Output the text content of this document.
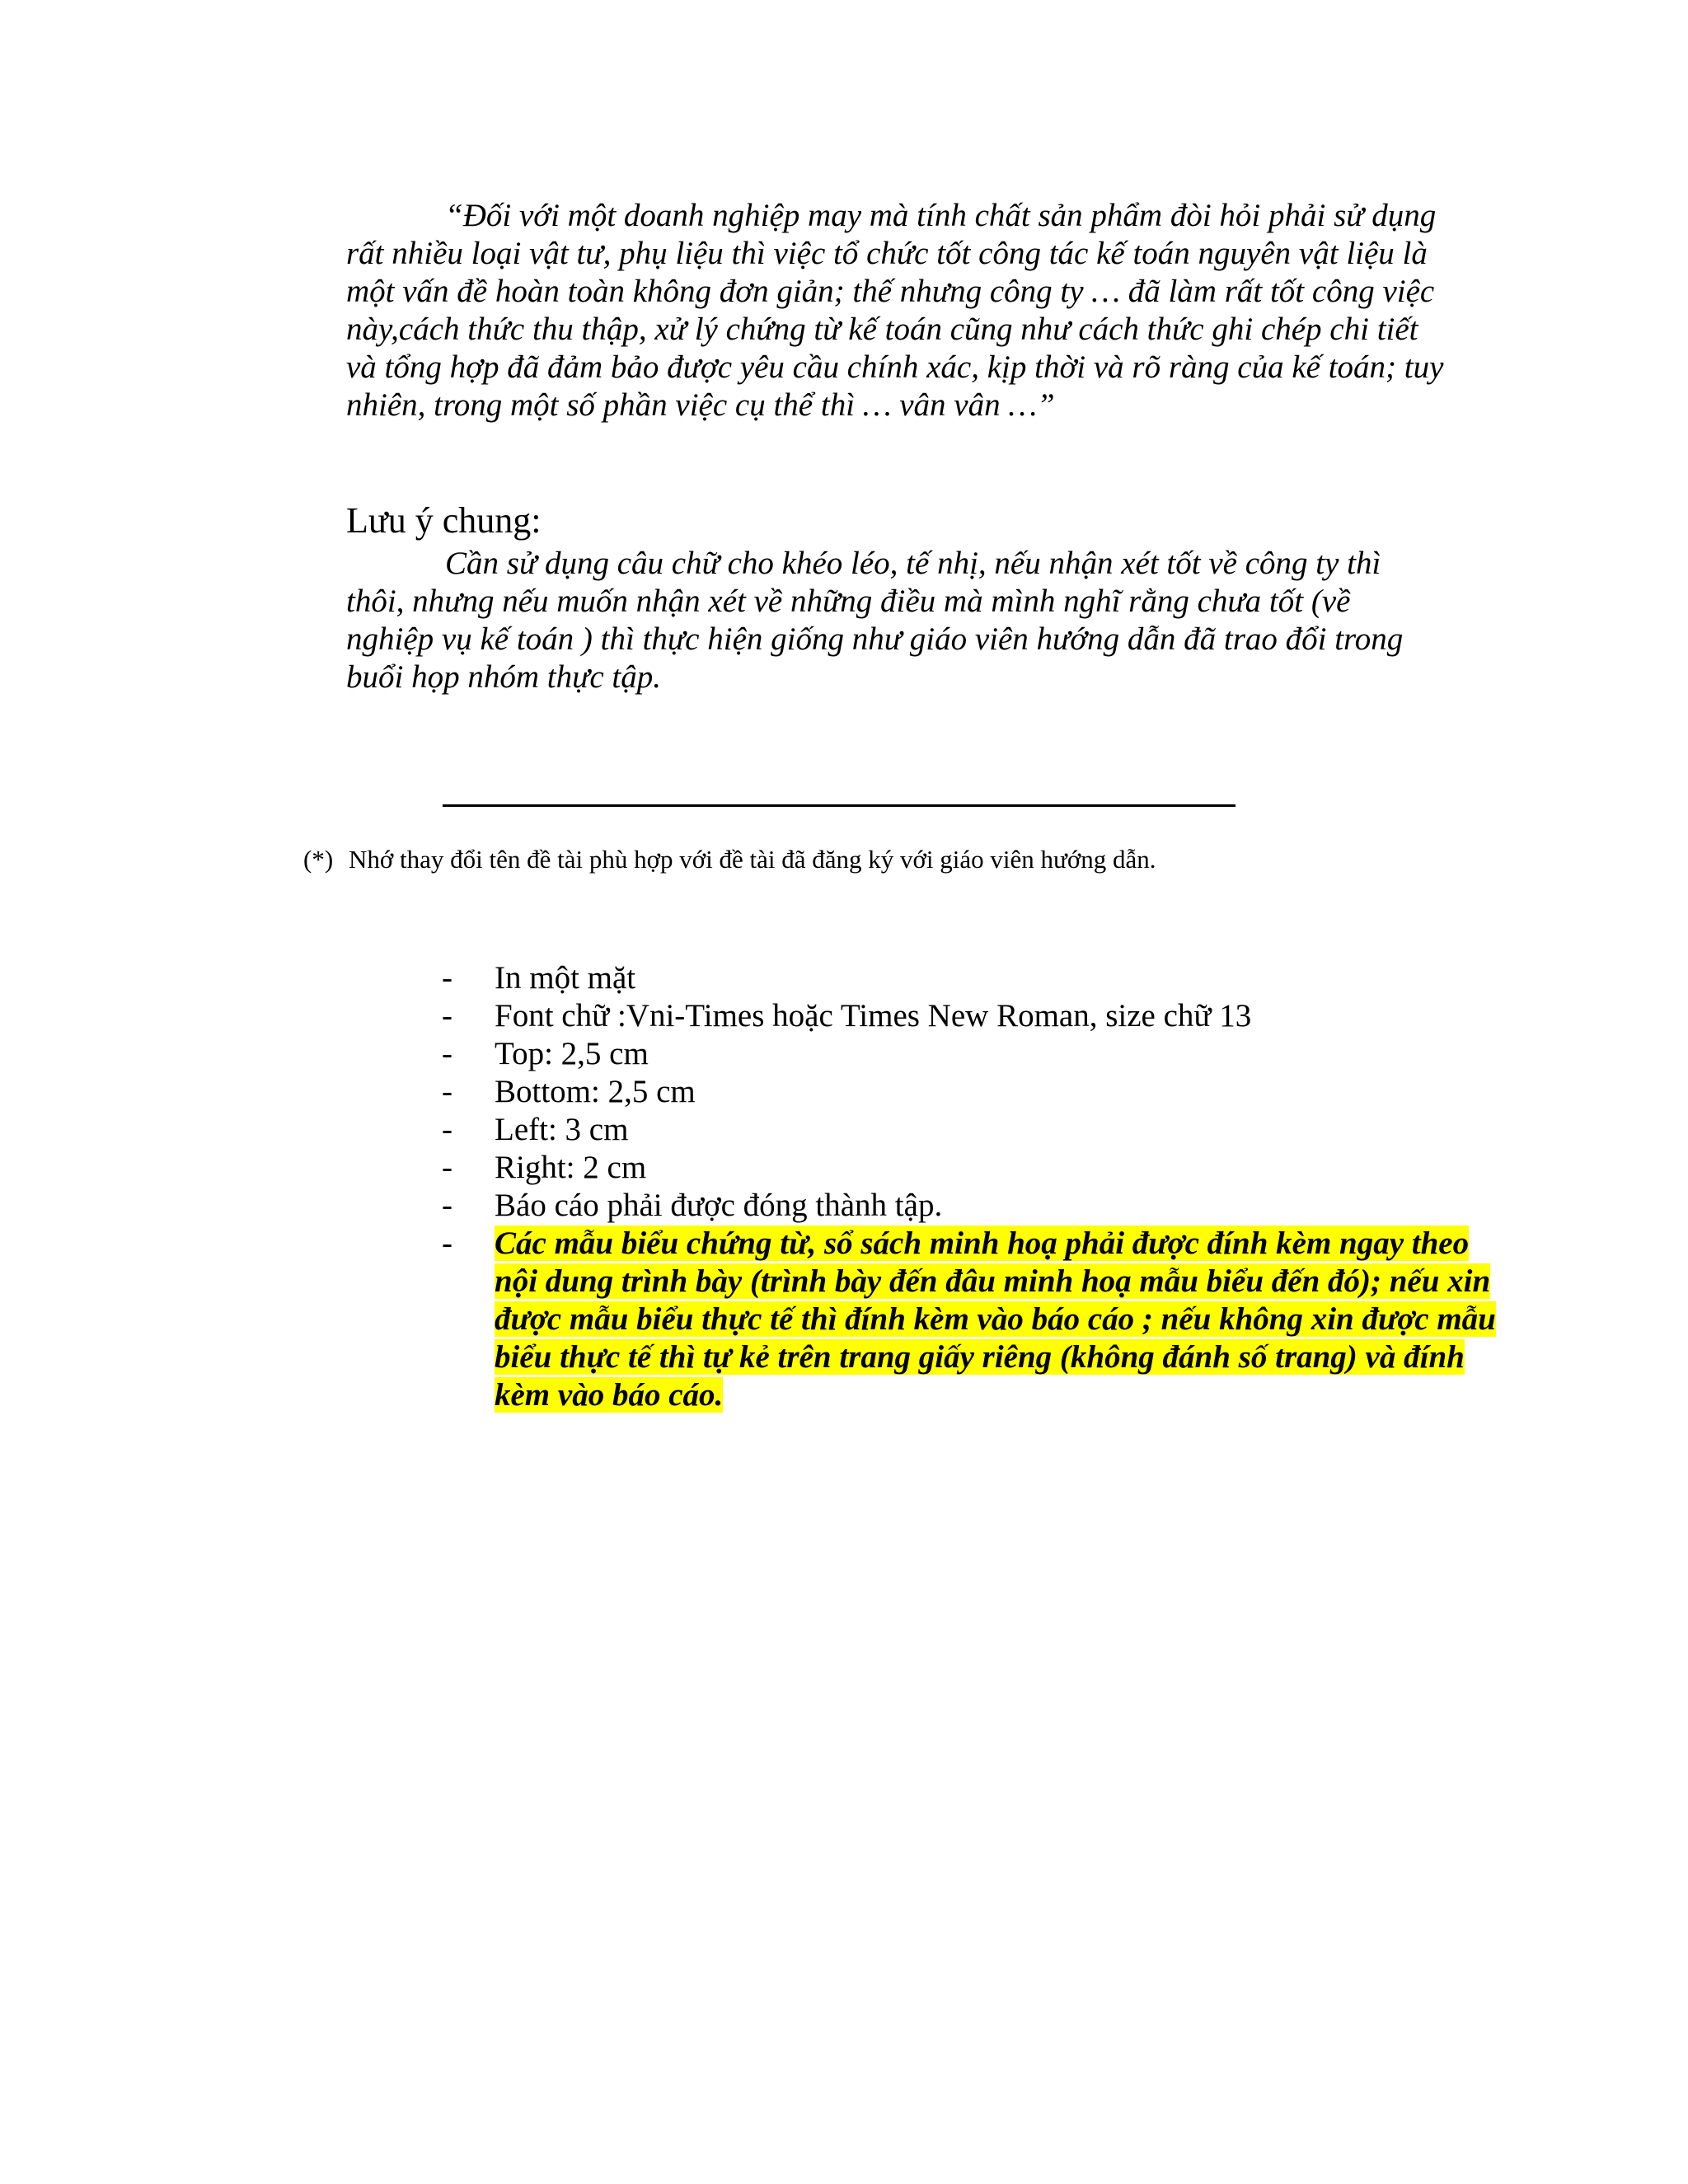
“Đối với một doanh nghiệp may mà tính chất sản phẩm đòi hỏi phải sử dụng rất nhiều loại vật tư, phụ liệu thì việc tổ chức tốt công tác kế toán nguyên vật liệu là một vấn đề hoàn toàn không đơn giản; thế nhưng công ty … đã làm rất tốt công việc này,cách thức thu thập, xử lý chứng từ kế toán cũng như cách thức ghi chép chi tiết và tổng hợp đã đảm bảo được yêu cầu chính xác, kịp thời và rõ ràng của kế toán; tuy nhiên, trong một số phần việc cụ thể thì … vân vân …”
Lưu ý chung:
Cần sử dụng câu chữ cho khéo léo, tế nhị, nếu nhận xét tốt về công ty thì thôi, nhưng nếu muốn nhận xét về những điều mà mình nghĩ rằng chưa tốt (về nghiệp vụ kế toán ) thì thực hiện giống như giáo viên hướng dẫn đã trao đổi trong buổi họp nhóm thực tập.
(*) Nhớ thay đổi tên đề tài phù hợp với đề tài đã đăng ký với giáo viên hướng dẫn.
- In một mặt
- Font chữ :Vni-Times hoặc Times New Roman, size chữ 13
- Top: 2,5 cm
- Bottom: 2,5 cm
- Left: 3 cm
- Right: 2 cm
- Báo cáo phải được đóng thành tập.
- Các mẫu biểu chứng từ, sổ sách minh hoạ phải được đính kèm ngay theo nội dung trình bày (trình bày đến đâu minh hoạ mẫu biểu đến đó); nếu xin được mẫu biểu thực tế thì đính kèm vào báo cáo ; nếu không xin được mẫu biểu thực tế thì tự kẻ trên trang giấy riêng (không đánh số trang) và đính kèm vào báo cáo.
